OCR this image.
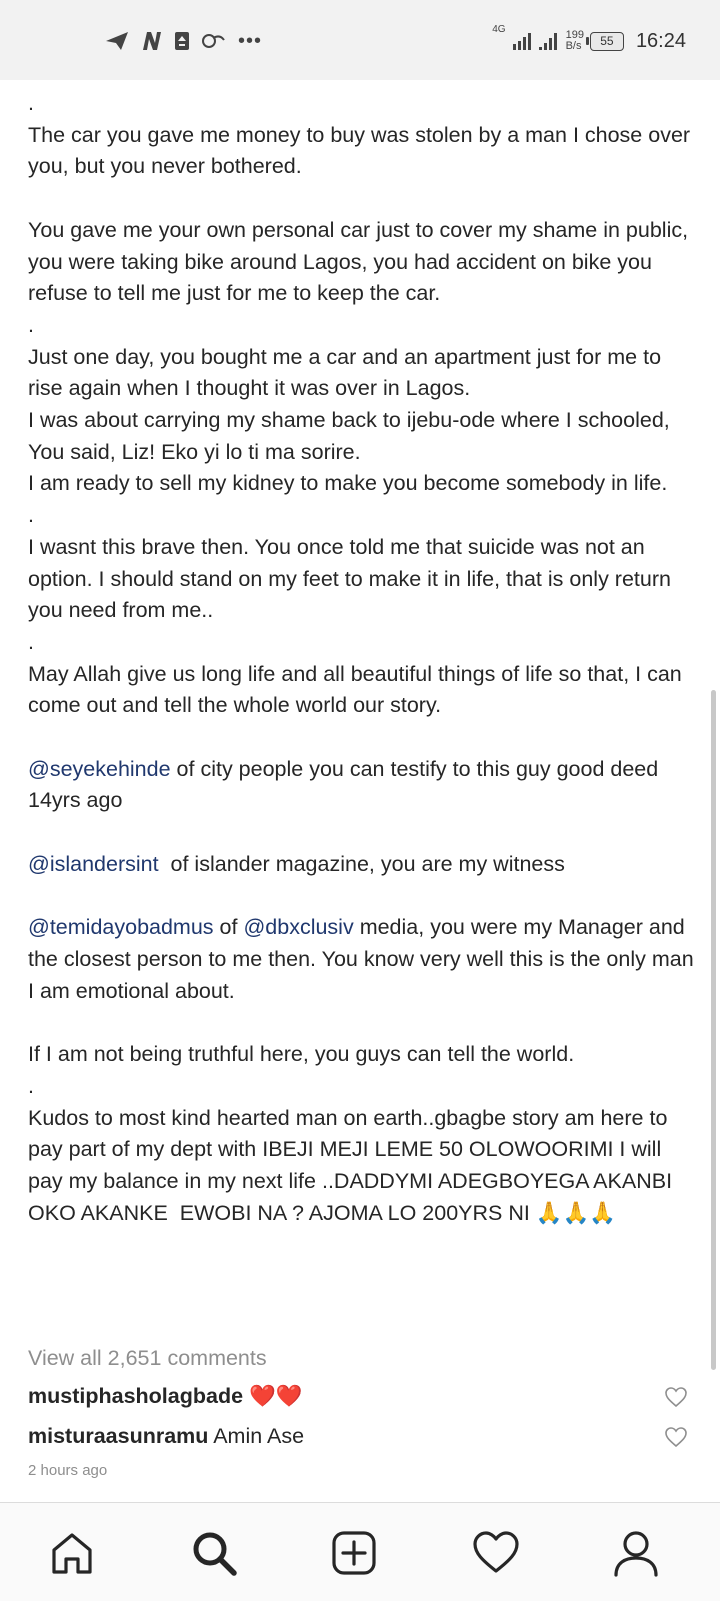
•••	4G	199
B/s 55 16:24
.
The car you gave me money to buy was stolen by a man I chose over you, but you never bothered.

You gave me your own personal car just to cover my shame in public, you were taking bike around Lagos, you had accident on bike you refuse to tell me just for me to keep the car.
.
Just one day, you bought me a car and an apartment just for me to rise again when I thought it was over in Lagos.
I was about carrying my shame back to ijebu-ode where I schooled,
You said, Liz! Eko yi lo ti ma sorire.
I am ready to sell my kidney to make you become somebody in life.
.
I wasnt this brave then. You once told me that suicide was not an option. I should stand on my feet to make it in life, that is only return you need from me..
.
May Allah give us long life and all beautiful things of life so that, I can come out and tell the whole world our story.

@seyekehinde of city people you can testify to this guy good deed 14yrs ago

@islandersint  of islander magazine, you are my witness

@temidayobadmus of @dbxclusiv media, you were my Manager and the closest person to me then. You know very well this is the only man I am emotional about.

If I am not being truthful here, you guys can tell the world.
.
Kudos to most kind hearted man on earth..gbagbe story am here to pay part of my dept with IBEJI MEJI LEME 50 OLOWOORIMI I will pay my balance in my next life ..DADDYMI ADEGBOYEGA AKANBI OKO AKANKE  EWOBI NA ? AJOMA LO 200YRS NI 🙏🙏🙏
View all 2,651 comments
mustiphasholagbade ❤️❤️
misturaasunramu Amin Ase
2 hours ago
